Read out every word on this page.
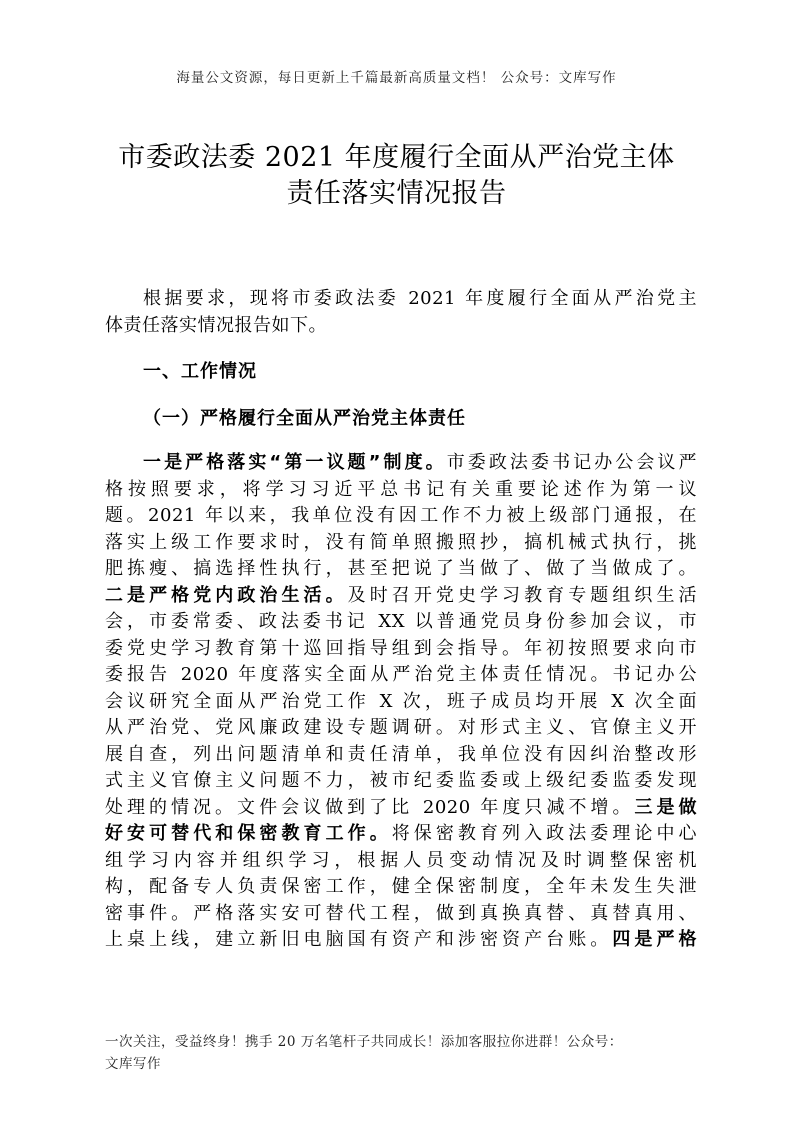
海量公文资源，每日更新上千篇最新高质量文档！ 公众号：文库写作
市委政法委 2021 年度履行全面从严治党主体
责任落实情况报告
根据要求，现将市委政法委 2021 年度履行全面从严治党主
体责任落实情况报告如下。
一、工作情况
（一）严格履行全面从严治党主体责任
一是严格落实“第一议题”制度。市委政法委书记办公会议严
格按照要求，将学习习近平总书记有关重要论述作为第一议
题。2021 年以来，我单位没有因工作不力被上级部门通报，在
落实上级工作要求时，没有简单照搬照抄，搞机械式执行，挑
肥拣瘦、搞选择性执行，甚至把说了当做了、做了当做成了。
二是严格党内政治生活。及时召开党史学习教育专题组织生活
会，市委常委、政法委书记 XX 以普通党员身份参加会议，市
委党史学习教育第十巡回指导组到会指导。年初按照要求向市
委报告 2020 年度落实全面从严治党主体责任情况。书记办公
会议研究全面从严治党工作 X 次，班子成员均开展 X 次全面
从严治党、党风廉政建设专题调研。对形式主义、官僚主义开
展自查，列出问题清单和责任清单，我单位没有因纠治整改形
式主义官僚主义问题不力，被市纪委监委或上级纪委监委发现
处理的情况。文件会议做到了比 2020 年度只减不增。三是做
好安可替代和保密教育工作。将保密教育列入政法委理论中心
组学习内容并组织学习，根据人员变动情况及时调整保密机
构，配备专人负责保密工作，健全保密制度，全年未发生失泄
密事件。严格落实安可替代工程，做到真换真替、真替真用、
上桌上线，建立新旧电脑国有资产和涉密资产台账。四是严格
一次关注，受益终身！携手 20 万名笔杆子共同成长！添加客服拉你进群！公众号：
文库写作
